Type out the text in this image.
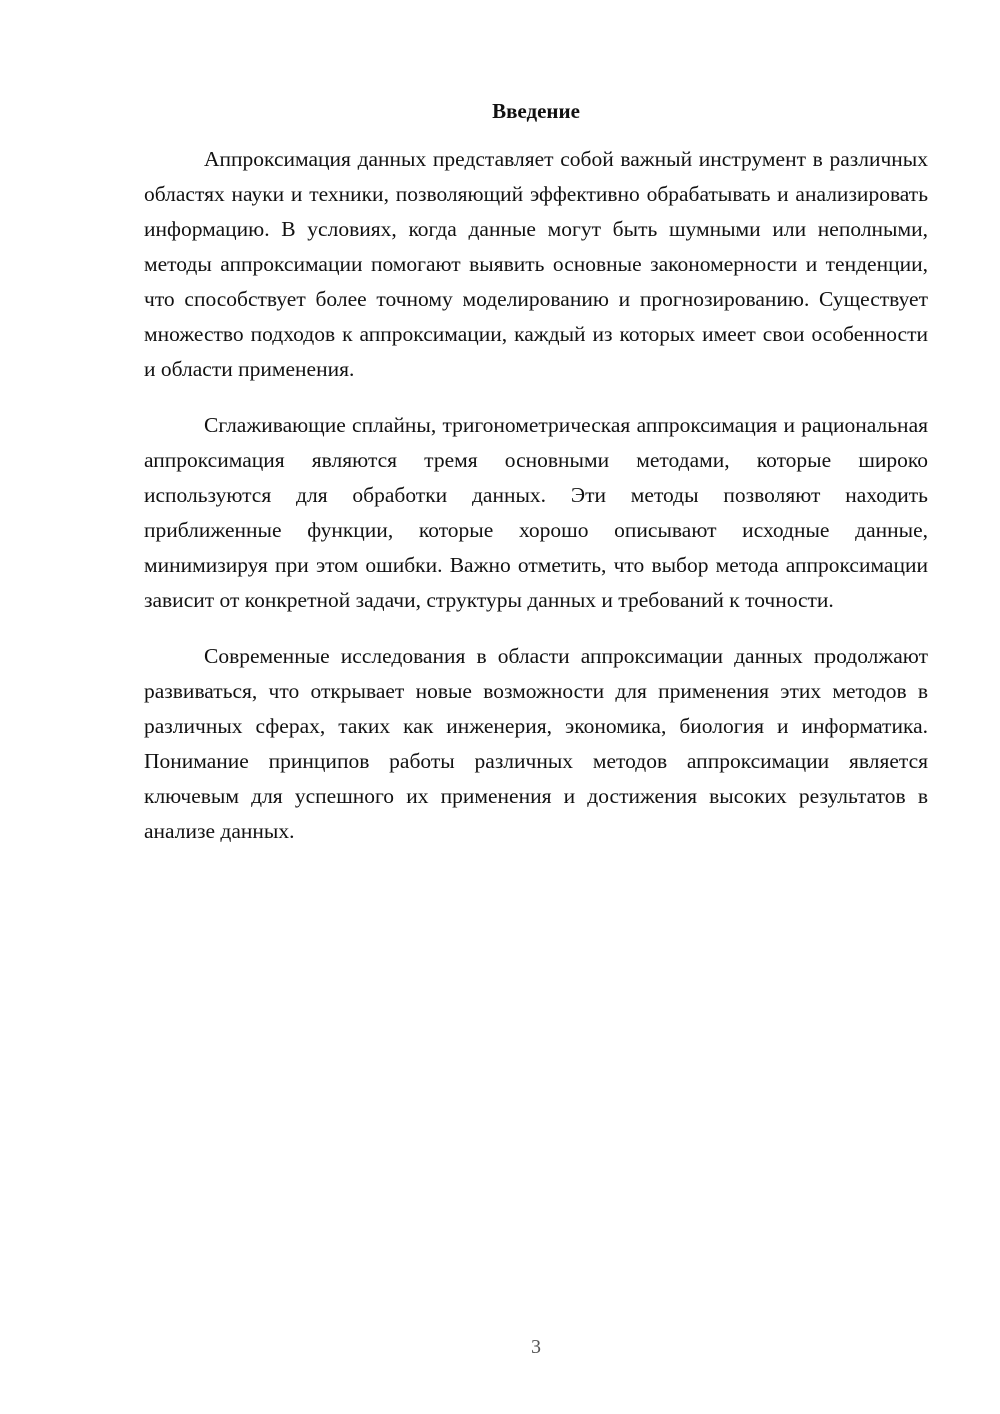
Введение

Аппроксимация данных представляет собой важный инструмент в различных областях науки и техники, позволяющий эффективно обрабатывать и анализировать информацию. В условиях, когда данные могут быть шумными или неполными, методы аппроксимации помогают выявить основные закономерности и тенденции, что способствует более точному моделированию и прогнозированию. Существует множество подходов к аппроксимации, каждый из которых имеет свои особенности и области применения.

Сглаживающие сплайны, тригонометрическая аппроксимация и рациональная аппроксимация являются тремя основными методами, которые широко используются для обработки данных. Эти методы позволяют находить приближенные функции, которые хорошо описывают исходные данные, минимизируя при этом ошибки. Важно отметить, что выбор метода аппроксимации зависит от конкретной задачи, структуры данных и требований к точности.

Современные исследования в области аппроксимации данных продолжают развиваться, что открывает новые возможности для применения этих методов в различных сферах, таких как инженерия, экономика, биология и информатика. Понимание принципов работы различных методов аппроксимации является ключевым для успешного их применения и достижения высоких результатов в анализе данных.

3
